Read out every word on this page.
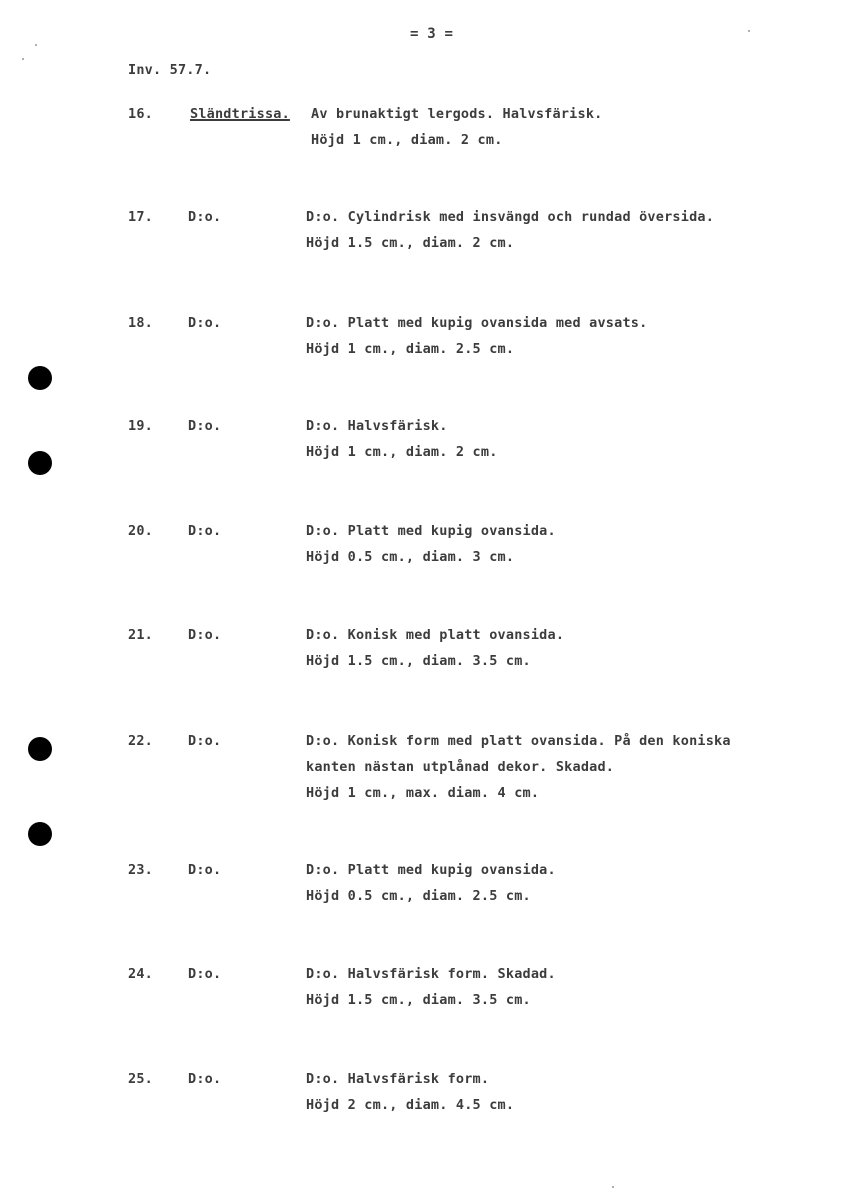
= 3 =
Inv. 57.7.
16.	Sländtrissa. Av brunaktigt lergods. Halvsfärisk.
Höjd 1 cm., diam. 2 cm.
17.	D:o.	D:o. Cylindrisk med insvängd och rundad översida.
Höjd 1.5 cm., diam. 2 cm.
18.	D:o.	D:o. Platt med kupig ovansida med avsats.
Höjd 1 cm., diam. 2.5 cm.
19.	D:o.	D:o. Halvsfärisk.
Höjd 1 cm., diam. 2 cm.
20.	D:o.	D:o. Platt med kupig ovansida.
Höjd 0.5 cm., diam. 3 cm.
21.	D:o.	D:o. Konisk med platt ovansida.
Höjd 1.5 cm., diam. 3.5 cm.
22.	D:o.	D:o. Konisk form med platt ovansida. På den koniska
kanten nästan utplånad dekor. Skadad.
Höjd 1 cm., max. diam. 4 cm.
23.	D:o.	D:o. Platt med kupig ovansida.
Höjd 0.5 cm., diam. 2.5 cm.
24.	D:o.	D:o. Halvsfärisk form. Skadad.
Höjd 1.5 cm., diam. 3.5 cm.
25.	D:o.	D:o. Halvsfärisk form.
Höjd 2 cm., diam. 4.5 cm.
